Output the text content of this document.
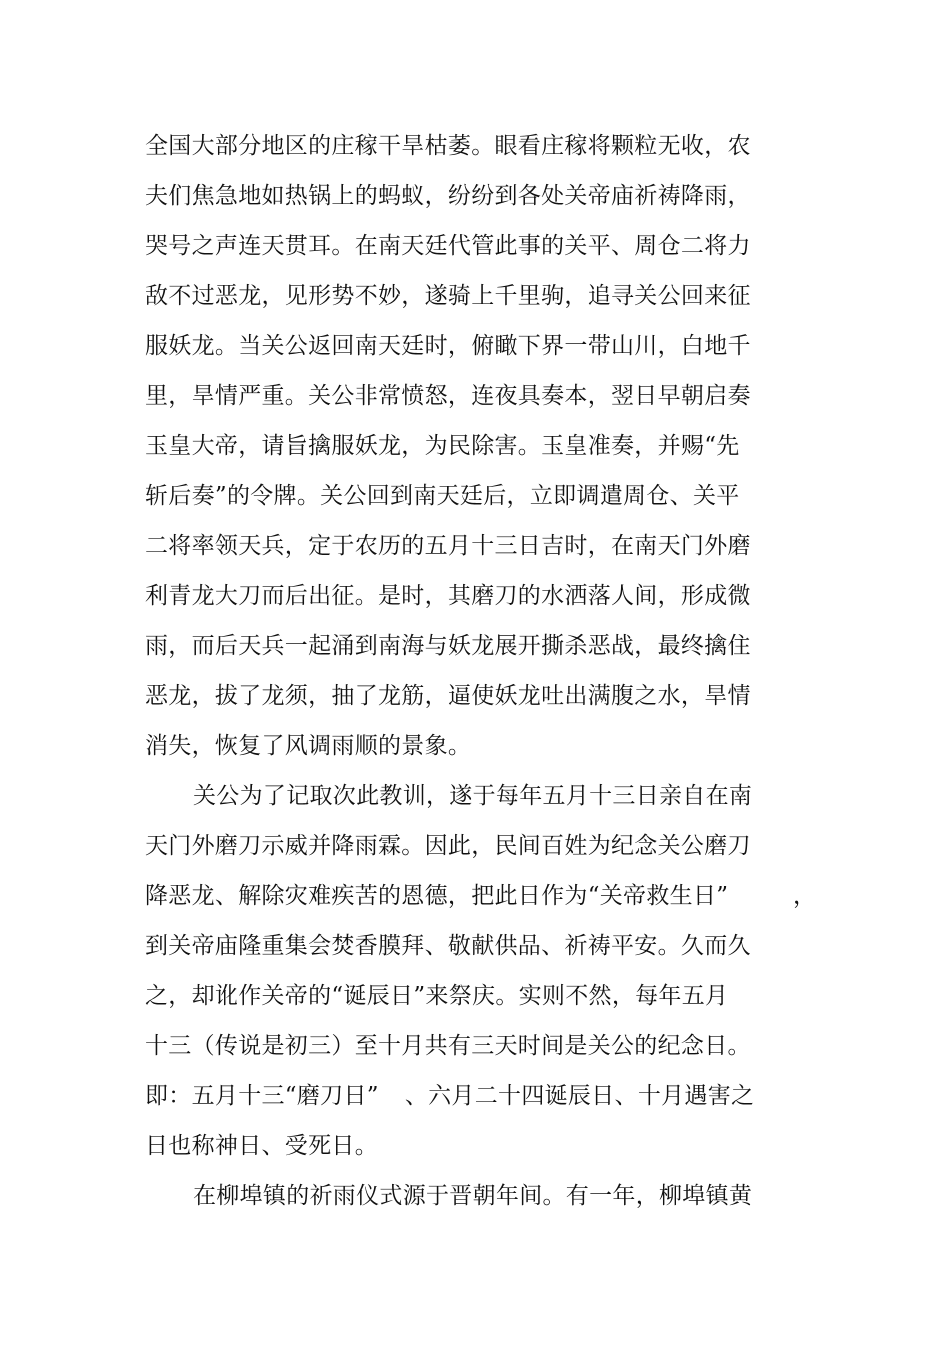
全国大部分地区的庄稼干旱枯萎。眼看庄稼将颗粒无收，农
夫们焦急地如热锅上的蚂蚁，纷纷到各处关帝庙祈祷降雨，
哭号之声连天贯耳。在南天廷代管此事的关平、周仓二将力
敌不过恶龙，见形势不妙，遂骑上千里驹，追寻关公回来征
服妖龙。当关公返回南天廷时，俯瞰下界一带山川，白地千
里，旱情严重。关公非常愤怒，连夜具奏本，翌日早朝启奏
玉皇大帝，请旨擒服妖龙，为民除害。玉皇准奏，并赐“先
斩后奏”的令牌。关公回到南天廷后，立即调遣周仓、关平
二将率领天兵，定于农历的五月十三日吉时，在南天门外磨
利青龙大刀而后出征。是时，其磨刀的水洒落人间，形成微
雨，而后天兵一起涌到南海与妖龙展开撕杀恶战，最终擒住
恶龙，拔了龙须，抽了龙筋，逼使妖龙吐出满腹之水，旱情
消失，恢复了风调雨顺的景象。
关公为了记取次此教训，遂于每年五月十三日亲自在南
天门外磨刀示威并降雨霖。因此，民间百姓为纪念关公磨刀
降恶龙、解除灾难疾苦的恩德，把此日作为“关帝救生日”	，
到关帝庙隆重集会焚香膜拜、敬献供品、祈祷平安。久而久
之，却讹作关帝的“诞辰日”来祭庆。实则不然，每年五月
十三（传说是初三）至十月共有三天时间是关公的纪念日。
即：五月十三“磨刀日” 、六月二十四诞辰日、十月遇害之
日也称神日、受死日。
在柳埠镇的祈雨仪式源于晋朝年间。有一年，柳埠镇黄
